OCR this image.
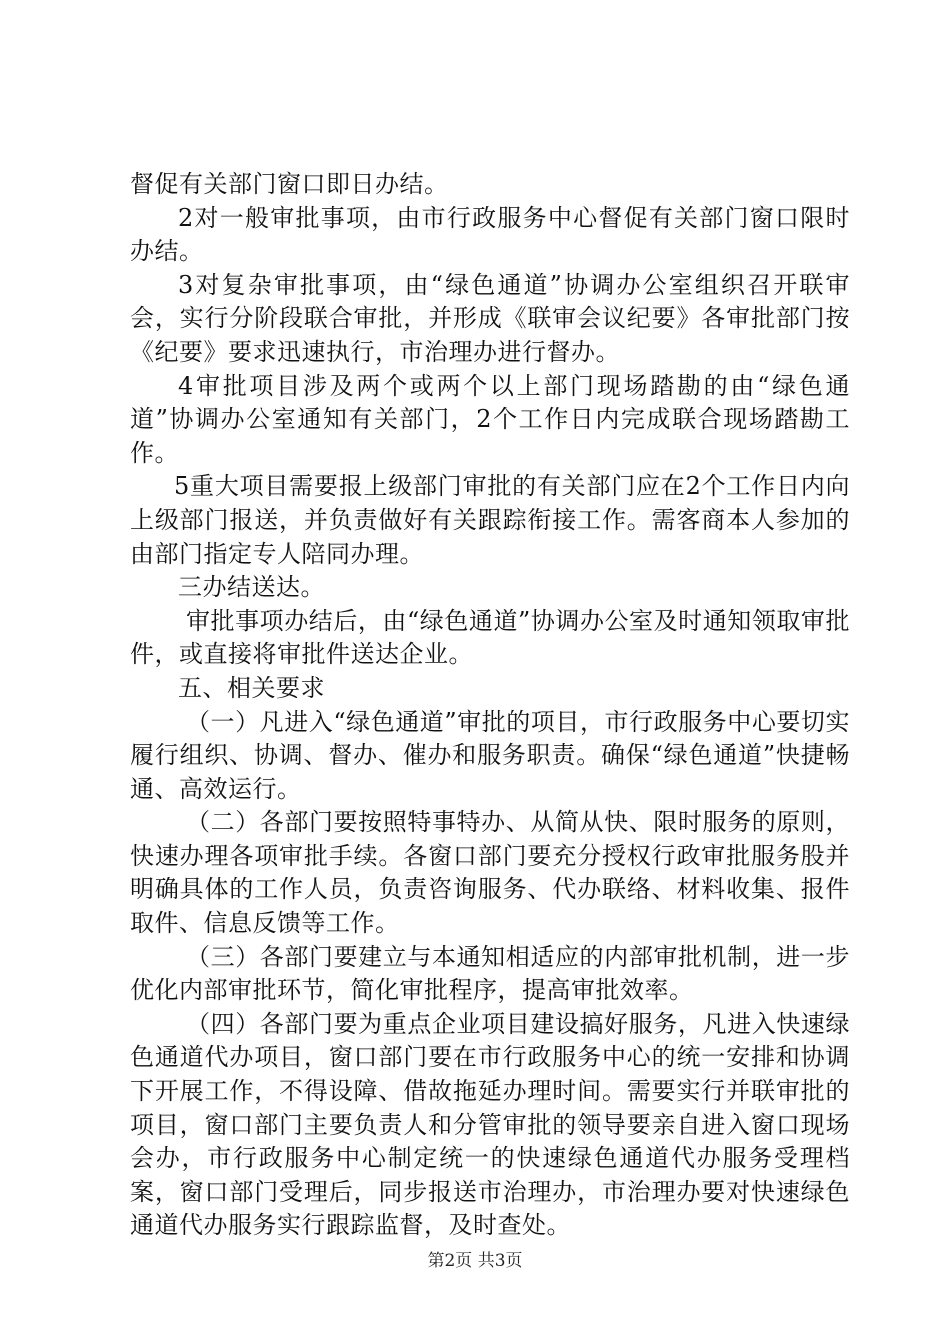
督促有关部门窗口即日办结。

2对一般审批事项，由市行政服务中心督促有关部门窗口限时办结。

3对复杂审批事项，由“绿色通道”协调办公室组织召开联审会，实行分阶段联合审批，并形成《联审会议纪要》各审批部门按《纪要》要求迅速执行，市治理办进行督办。

4审批项目涉及两个或两个以上部门现场踏勘的由“绿色通道”协调办公室通知有关部门，2个工作日内完成联合现场踏勘工作。

5重大项目需要报上级部门审批的有关部门应在2个工作日内向上级部门报送，并负责做好有关跟踪衔接工作。需客商本人参加的由部门指定专人陪同办理。

三办结送达。

审批事项办结后，由“绿色通道”协调办公室及时通知领取审批件，或直接将审批件送达企业。

五、相关要求

（一）凡进入“绿色通道”审批的项目，市行政服务中心要切实履行组织、协调、督办、催办和服务职责。确保“绿色通道”快捷畅通、高效运行。

（二）各部门要按照特事特办、从简从快、限时服务的原则，快速办理各项审批手续。各窗口部门要充分授权行政审批服务股并明确具体的工作人员，负责咨询服务、代办联络、材料收集、报件取件、信息反馈等工作。

（三）各部门要建立与本通知相适应的内部审批机制，进一步优化内部审批环节，简化审批程序，提高审批效率。

（四）各部门要为重点企业项目建设搞好服务，凡进入快速绿色通道代办项目，窗口部门要在市行政服务中心的统一安排和协调下开展工作，不得设障、借故拖延办理时间。需要实行并联审批的项目，窗口部门主要负责人和分管审批的领导要亲自进入窗口现场会办，市行政服务中心制定统一的快速绿色通道代办服务受理档案，窗口部门受理后，同步报送市治理办，市治理办要对快速绿色通道代办服务实行跟踪监督，及时查处。

第2页 共3页
